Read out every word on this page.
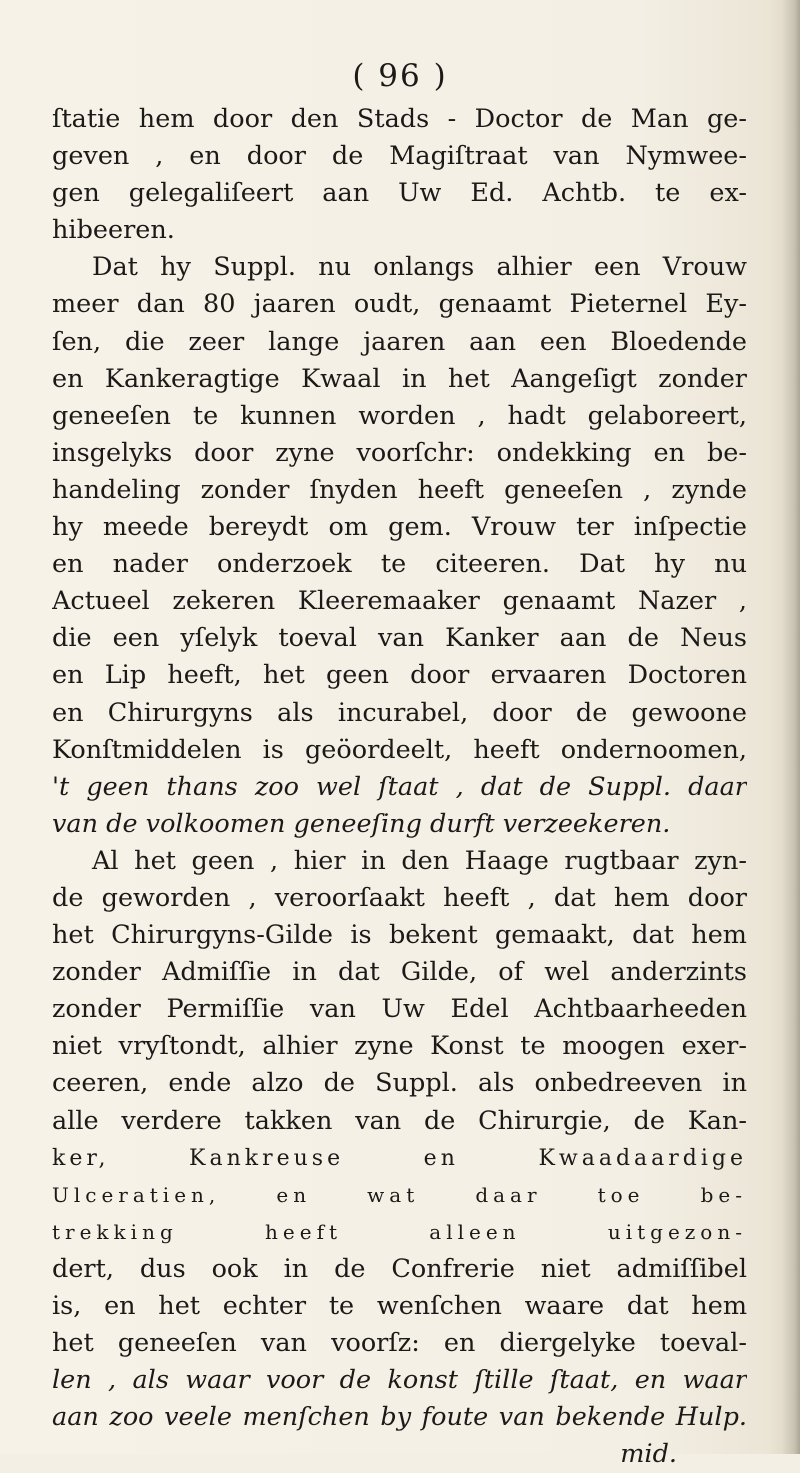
( 96 )
ſtatie hem door den Stads - Doctor de Man ge-
geven , en door de Magiſtraat van Nymwee-
gen gelegaliſeert aan Uw Ed. Achtb. te ex-
hibeeren.
Dat hy Suppl. nu onlangs alhier een Vrouw
meer dan 80 jaaren oudt, genaamt Pieternel Ey-
ſen, die zeer lange jaaren aan een Bloedende
en Kankeragtige Kwaal in het Aangeſigt zonder
geneeſen te kunnen worden , hadt gelaboreert,
insgelyks door zyne voorſchr: ondekking en be-
handeling zonder ſnyden heeft geneeſen , zynde
hy meede bereydt om gem. Vrouw ter inſpectie
en nader onderzoek te citeeren. Dat hy nu
Actueel zekeren Kleeremaaker genaamt Nazer ,
die een yſelyk toeval van Kanker aan de Neus
en Lip heeft, het geen door ervaaren Doctoren
en Chirurgyns als incurabel, door de gewoone
Konſtmiddelen is geöordeelt, heeft ondernoomen,
't geen thans zoo wel ſtaat , dat de Suppl. daar
van de volkoomen geneeſing durft verzeekeren.
Al het geen , hier in den Haage rugtbaar zyn-
de geworden , veroorſaakt heeft , dat hem door
het Chirurgyns-Gilde is bekent gemaakt, dat hem
zonder Admiſſie in dat Gilde, of wel anderzints
zonder Permiſſie van Uw Edel Achtbaarheeden
niet vryſtondt, alhier zyne Konst te moogen exer-
ceeren, ende alzo de Suppl. als onbedreeven in
alle verdere takken van de Chirurgie, de Kan-
ker, Kankreuse en Kwaadaardige
Ulceratien, en wat daar toe be-
trekking heeft alleen uitgezon-
dert, dus ook in de Confrerie niet admiſſibel
is, en het echter te wenſchen waare dat hem
het geneeſen van voorſz: en diergelyke toeval-
len , als waar voor de konst ſtille ſtaat, en waar
aan zoo veele menſchen by foute van bekende Hulp.
mid.
